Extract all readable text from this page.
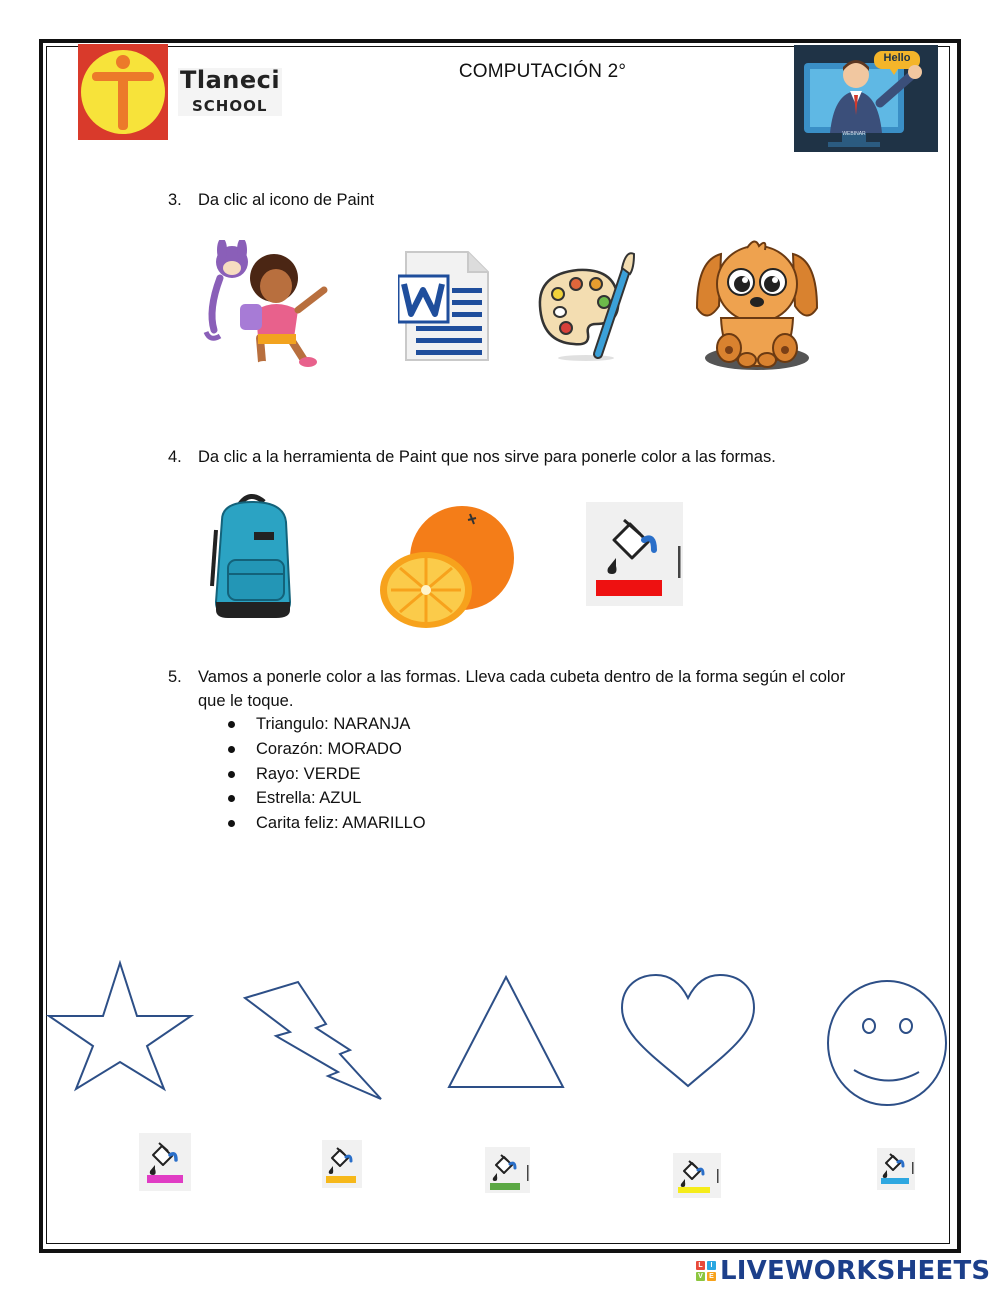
Tlaneci
SCHOOL
COMPUTACIÓN 2°
Hello
WEBINAR
3. Da clic al icono de Paint
4. Da clic a la herramienta de Paint que nos sirve para ponerle color a las formas.
5. Vamos a ponerle color a las formas. Lleva cada cubeta dentro de la forma según el color
que le toque.
Triangulo: NARANJA
Corazón: MORADO
Rayo: VERDE
Estrella: AZUL
Carita feliz: AMARILLO
L	I
V E LIVEWORKSHEETS
